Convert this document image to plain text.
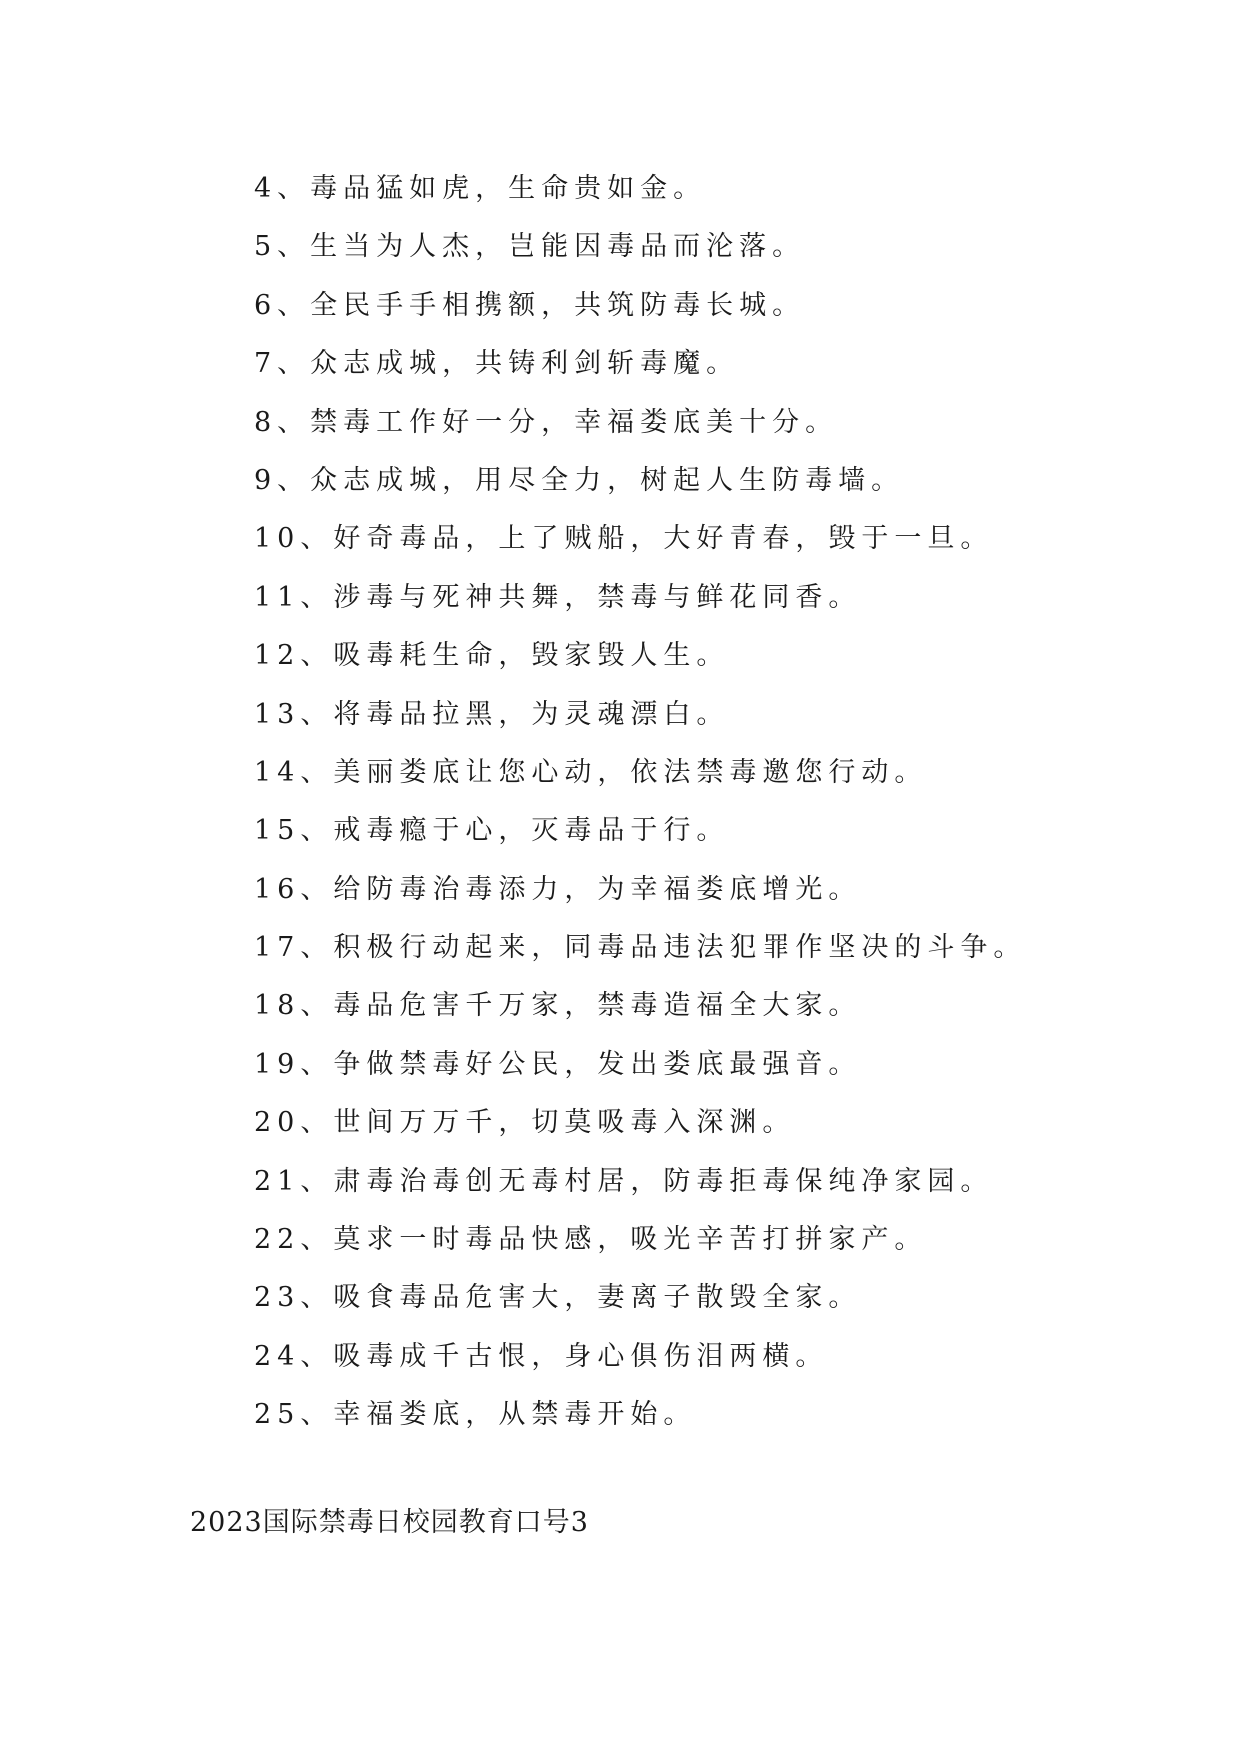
4、毒品猛如虎，生命贵如金。
5、生当为人杰，岂能因毒品而沦落。
6、全民手手相携额，共筑防毒长城。
7、众志成城，共铸利剑斩毒魔。
8、禁毒工作好一分，幸福娄底美十分。
9、众志成城，用尽全力，树起人生防毒墙。
10、好奇毒品，上了贼船，大好青春，毁于一旦。
11、涉毒与死神共舞，禁毒与鲜花同香。
12、吸毒耗生命，毁家毁人生。
13、将毒品拉黑，为灵魂漂白。
14、美丽娄底让您心动，依法禁毒邀您行动。
15、戒毒瘾于心，灭毒品于行。
16、给防毒治毒添力，为幸福娄底增光。
17、积极行动起来，同毒品违法犯罪作坚决的斗争。
18、毒品危害千万家，禁毒造福全大家。
19、争做禁毒好公民，发出娄底最强音。
20、世间万万千，切莫吸毒入深渊。
21、肃毒治毒创无毒村居，防毒拒毒保纯净家园。
22、莫求一时毒品快感，吸光辛苦打拼家产。
23、吸食毒品危害大，妻离子散毁全家。
24、吸毒成千古恨，身心俱伤泪两横。
25、幸福娄底，从禁毒开始。
2023国际禁毒日校园教育口号3
